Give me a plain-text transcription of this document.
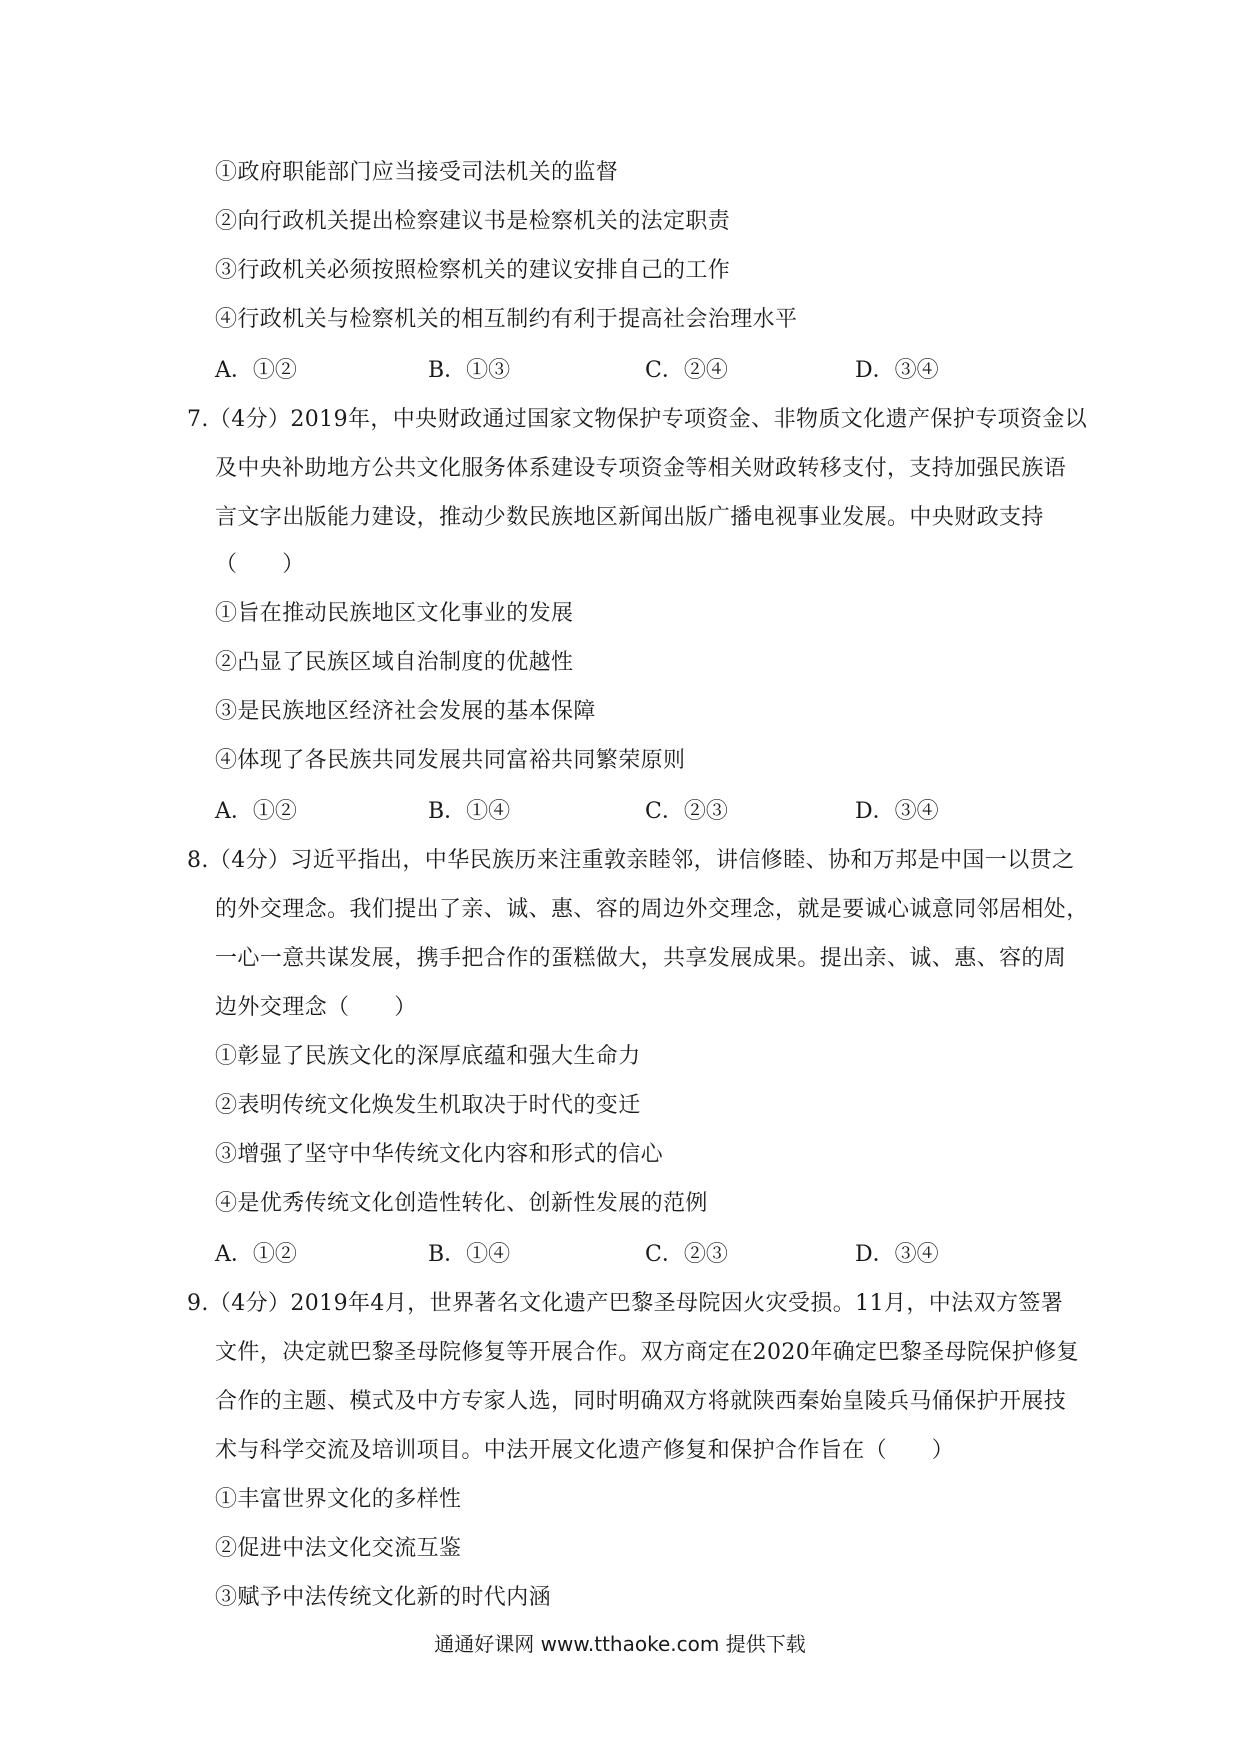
①政府职能部门应当接受司法机关的监督
②向行政机关提出检察建议书是检察机关的法定职责
③行政机关必须按照检察机关的建议安排自己的工作
④行政机关与检察机关的相互制约有利于提高社会治理水平
A．①②	B．①③	C．②④	D．③④
7.（4分）2019年，中央财政通过国家文物保护专项资金、非物质文化遗产保护专项资金以
及中央补助地方公共文化服务体系建设专项资金等相关财政转移支付，支持加强民族语
言文字出版能力建设，推动少数民族地区新闻出版广播电视事业发展。中央财政支持
（　　）
①旨在推动民族地区文化事业的发展
②凸显了民族区域自治制度的优越性
③是民族地区经济社会发展的基本保障
④体现了各民族共同发展共同富裕共同繁荣原则
A．①②	B．①④	C．②③	D．③④
8.（4分）习近平指出，中华民族历来注重敦亲睦邻，讲信修睦、协和万邦是中国一以贯之
的外交理念。我们提出了亲、诚、惠、容的周边外交理念，就是要诚心诚意同邻居相处，
一心一意共谋发展，携手把合作的蛋糕做大，共享发展成果。提出亲、诚、惠、容的周
边外交理念（　　）
①彰显了民族文化的深厚底蕴和强大生命力
②表明传统文化焕发生机取决于时代的变迁
③增强了坚守中华传统文化内容和形式的信心
④是优秀传统文化创造性转化、创新性发展的范例
A．①②	B．①④	C．②③	D．③④
9.（4分）2019年4月，世界著名文化遗产巴黎圣母院因火灾受损。11月，中法双方签署
文件，决定就巴黎圣母院修复等开展合作。双方商定在2020年确定巴黎圣母院保护修复
合作的主题、模式及中方专家人选，同时明确双方将就陕西秦始皇陵兵马俑保护开展技
术与科学交流及培训项目。中法开展文化遗产修复和保护合作旨在（　　）
①丰富世界文化的多样性
②促进中法文化交流互鉴
③赋予中法传统文化新的时代内涵
通通好课网 www.tthaoke.com 提供下载
